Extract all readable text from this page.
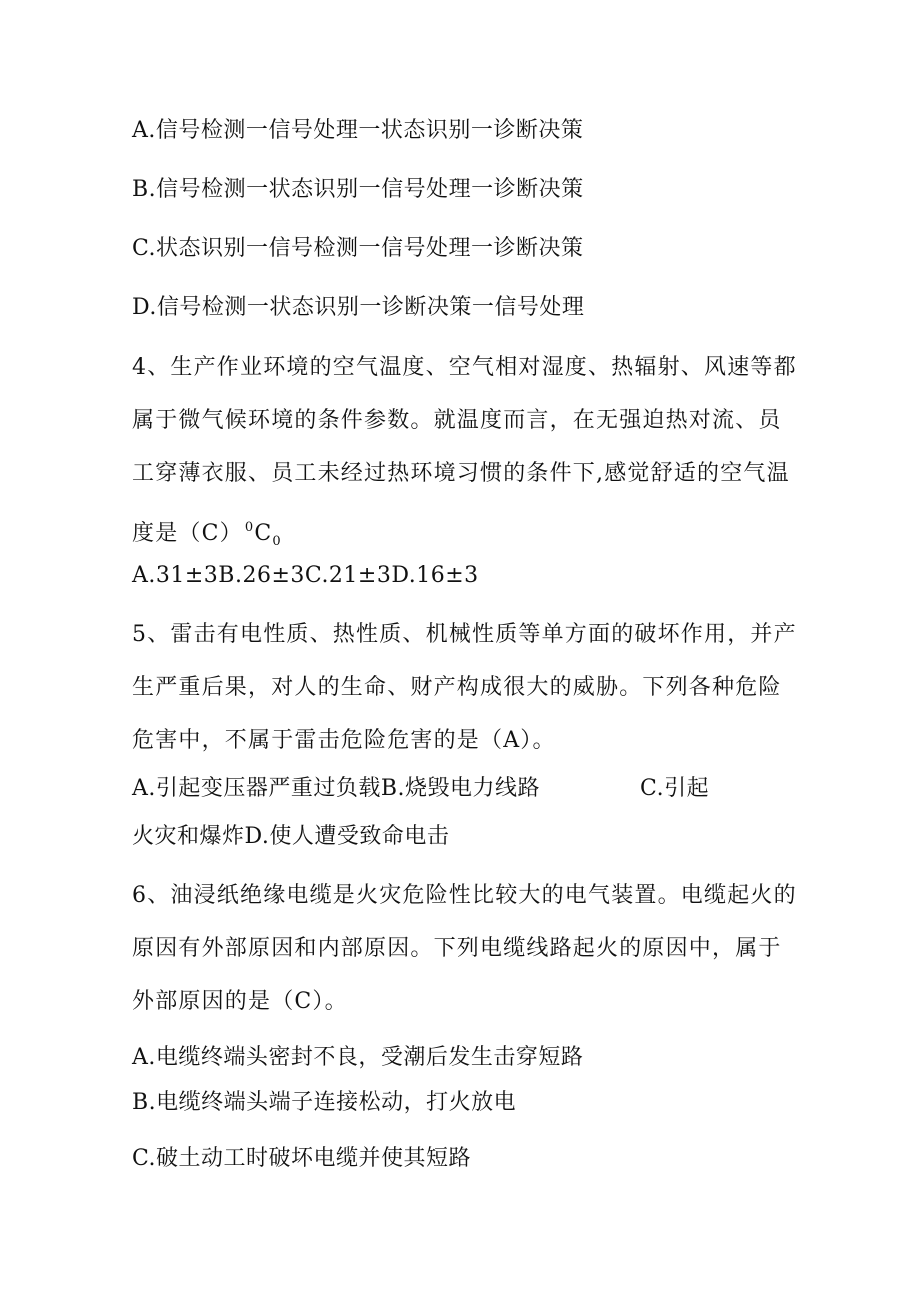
A.信号检测一信号处理一状态识别一诊断决策
B.信号检测一状态识别一信号处理一诊断决策
C.状态识别一信号检测一信号处理一诊断决策
D.信号检测一状态识别一诊断决策一信号处理
4、生产作业环境的空气温度、空气相对湿度、热辐射、风速等都
属于微气候环境的条件参数。就温度而言，在无强迫热对流、员
工穿薄衣服、员工未经过热环境习惯的条件下,感觉舒适的空气温
度是（C） $^0C_0$
A.31±3B.26±3C.21±3D.16±3
5、雷击有电性质、热性质、机械性质等单方面的破坏作用，并产
生严重后果，对人的生命、财产构成很大的威胁。下列各种危险
危害中，不属于雷击危险危害的是（A）。
A.引起变压器严重过负载B.烧毁电力线路	C.引起
火灾和爆炸D.使人遭受致命电击
6、油浸纸绝缘电缆是火灾危险性比较大的电气装置。电缆起火的
原因有外部原因和内部原因。下列电缆线路起火的原因中，属于
外部原因的是（C）。
A.电缆终端头密封不良，受潮后发生击穿短路
B.电缆终端头端子连接松动，打火放电
C.破土动工时破坏电缆并使其短路
